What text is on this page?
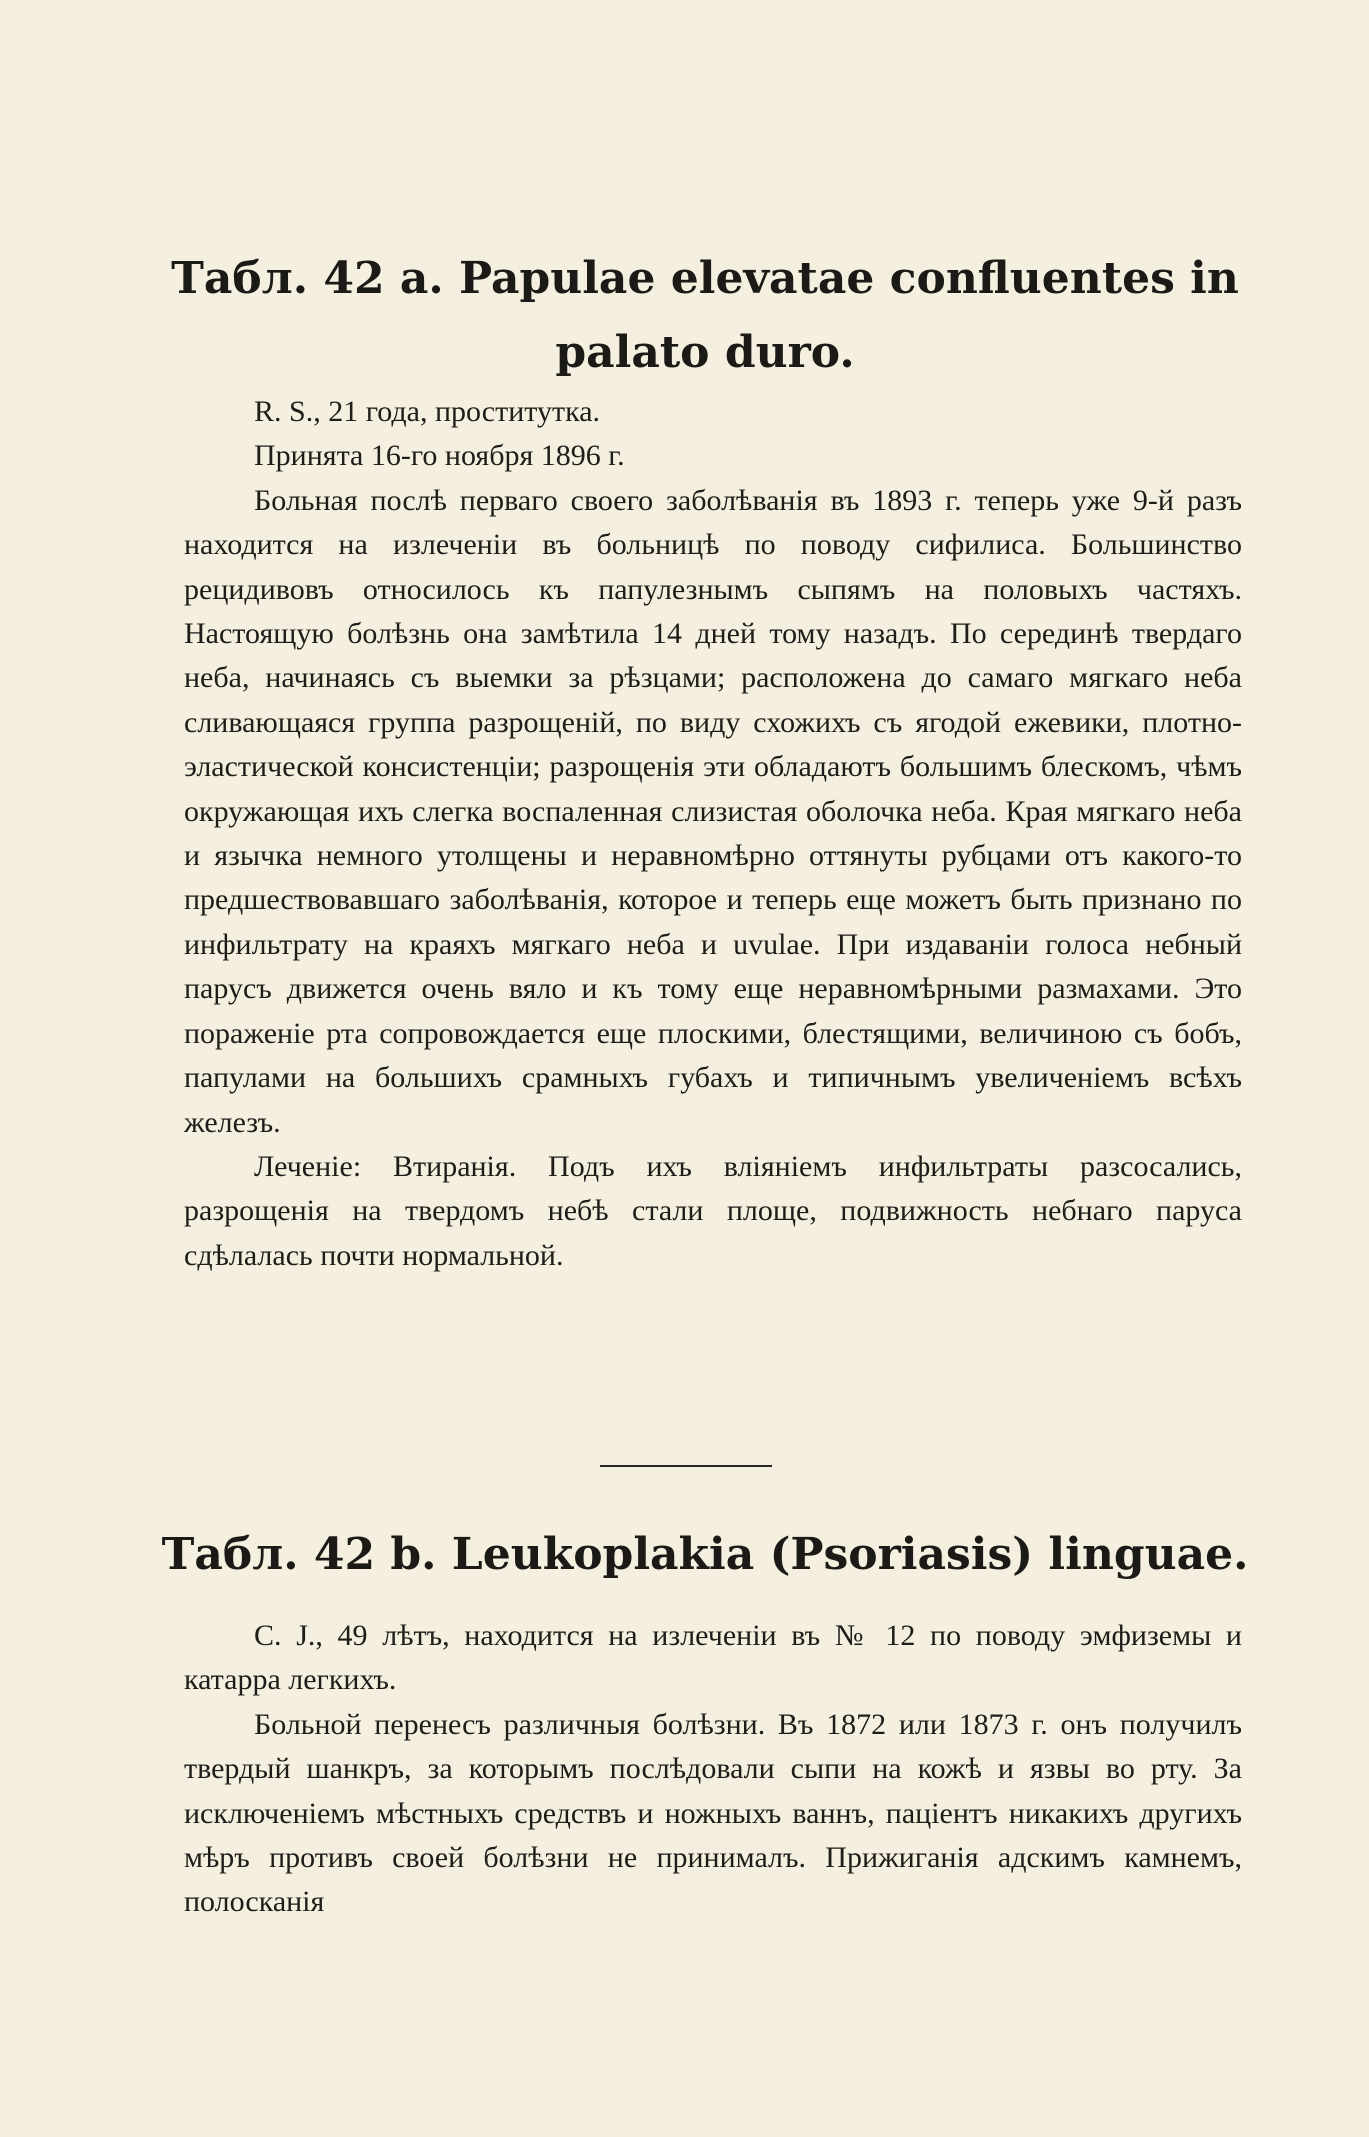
Табл. 42 a. Papulae elevatae confluentes in palato duro.

R. S., 21 года, проститутка.

Принята 16-го ноября 1896 г.

Больная послѣ перваго своего заболѣванія въ 1893 г. теперь уже 9-й разъ находится на излеченіи въ больницѣ по поводу сифилиса. Большинство рецидивовъ относилось къ папулезнымъ сыпямъ на половыхъ частяхъ. Настоящую болѣзнь она замѣтила 14 дней тому назадъ. По серединѣ твердаго неба, начинаясь съ выемки за рѣзцами; расположена до самаго мягкаго неба сливающаяся группа разрощеній, по виду схожихъ съ ягодой ежевики, плотно-эластической консистенціи; разрощенія эти обладаютъ большимъ блескомъ, чѣмъ окружающая ихъ слегка воспаленная слизистая оболочка неба. Края мягкаго неба и язычка немного утолщены и неравномѣрно оттянуты рубцами отъ какого-то предшествовавшаго заболѣванія, которое и теперь еще можетъ быть признано по инфильтрату на краяхъ мягкаго неба и uvulae. При издаваніи голоса небный парусъ движется очень вяло и къ тому еще неравномѣрными размахами. Это пораженіе рта сопровождается еще плоскими, блестящими, величиною съ бобъ, папулами на большихъ срамныхъ губахъ и типичнымъ увеличеніемъ всѣхъ железъ.

Леченіе: Втиранія. Подъ ихъ вліяніемъ инфильтраты разсосались, разрощенія на твердомъ небѣ стали площе, подвижность небнаго паруса сдѣлалась почти нормальной.

Табл. 42 b. Leukoplakia (Psoriasis) linguae.

C. J., 49 лѣтъ, находится на излеченіи въ № 12 по поводу эмфиземы и катарра легкихъ.

Больной перенесъ различныя болѣзни. Въ 1872 или 1873 г. онъ получилъ твердый шанкръ, за которымъ послѣдовали сыпи на кожѣ и язвы во рту. За исключеніемъ мѣстныхъ средствъ и ножныхъ ваннъ, паціентъ никакихъ другихъ мѣръ противъ своей болѣзни не принималъ. Прижиганія адскимъ камнемъ, полосканія
